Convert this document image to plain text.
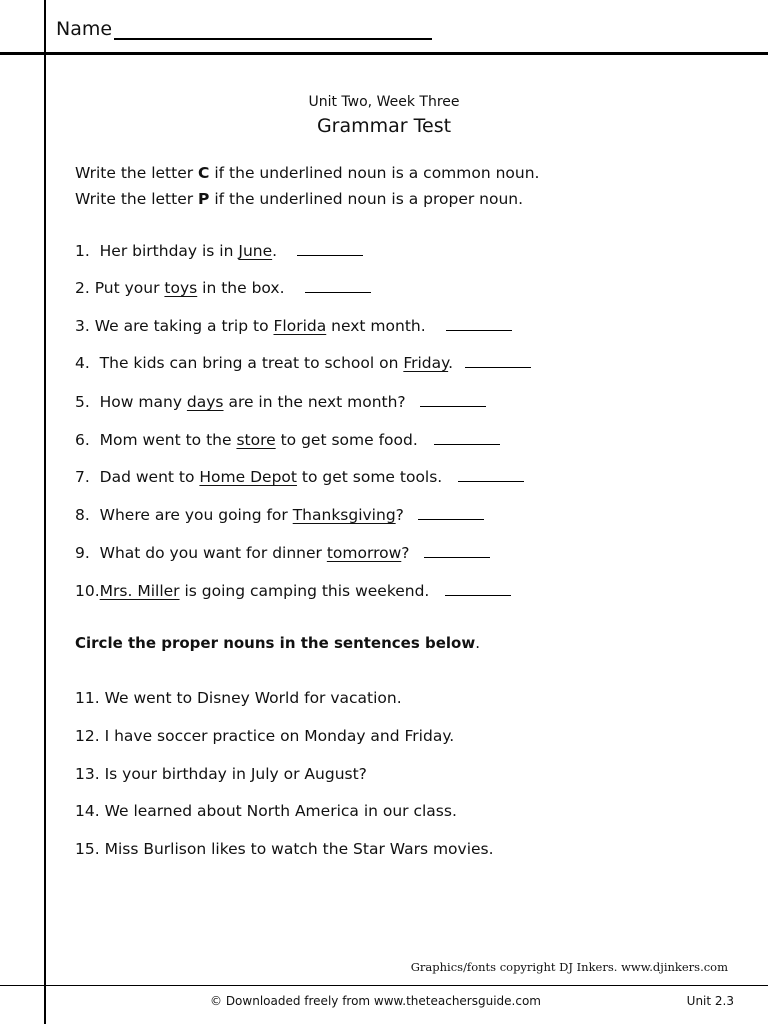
Name
Unit Two, Week Three
Grammar Test
Write the letter C if the underlined noun is a common noun.
Write the letter P if the underlined noun is a proper noun.
1. Her birthday is in June.
2. Put your toys in the box.
3. We are taking a trip to Florida next month.
4. The kids can bring a treat to school on Friday.
5. How many days are in the next month?
6. Mom went to the store to get some food.
7. Dad went to Home Depot to get some tools.
8. Where are you going for Thanksgiving?
9. What do you want for dinner tomorrow?
10.Mrs. Miller is going camping this weekend.
Circle the proper nouns in the sentences below.
11. We went to Disney World for vacation.
12. I have soccer practice on Monday and Friday.
13. Is your birthday in July or August?
14. We learned about North America in our class.
15. Miss Burlison likes to watch the Star Wars movies.
Graphics/fonts copyright DJ Inkers. www.djinkers.com
© Downloaded freely from www.theteachersguide.com	Unit 2.3
